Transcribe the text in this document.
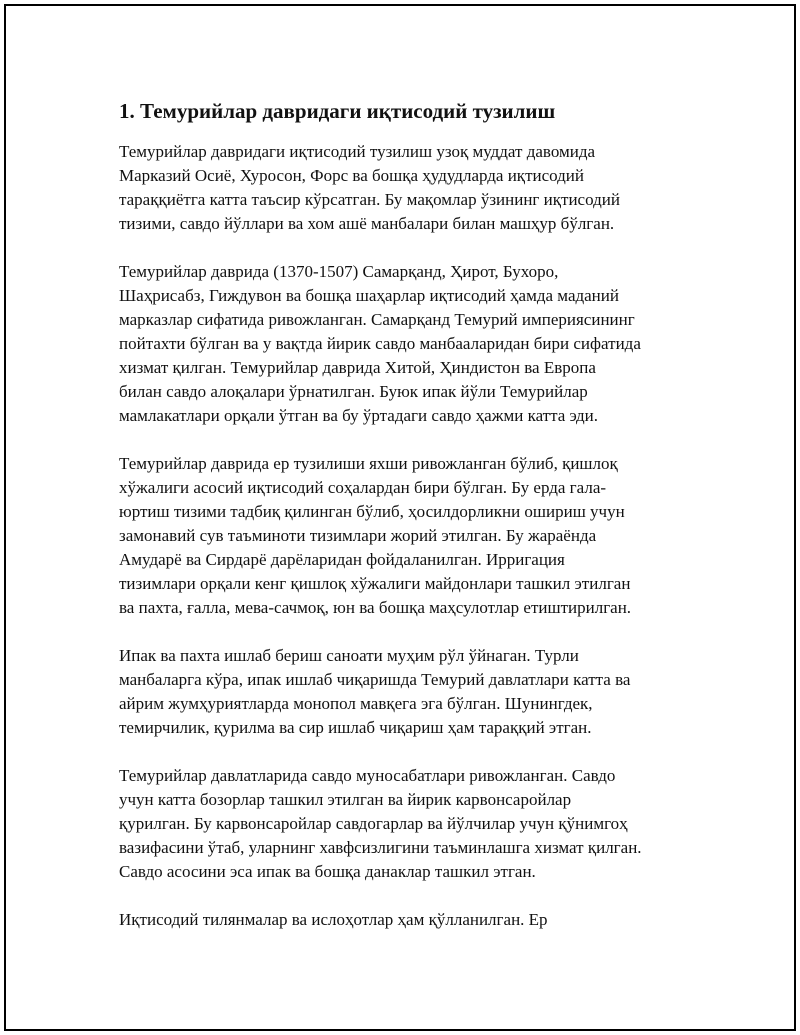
1. Темурийлар давридаги иқтисодий тузилиш

Темурийлар давридаги иқтисодий тузилиш узоқ муддат давомида
Марказий Осиё, Хуросон, Форс ва бошқа ҳудудларда иқтисодий
тараққиётга катта таъсир кўрсатган. Бу мақомлар ўзининг иқтисодий
тизими, савдо йўллари ва хом ашё манбалари билан машҳур бўлган.

Темурийлар даврида (1370-1507) Самарқанд, Ҳирот, Бухоро,
Шаҳрисабз, Гиждувон ва бошқа шаҳарлар иқтисодий ҳамда маданий
марказлар сифатида ривожланган. Самарқанд Темурий империясининг
пойтахти бўлган ва у вақтда йирик савдо манбааларидан бири сифатида
хизмат қилган. Темурийлар даврида Хитой, Ҳиндистон ва Европа
билан савдо алоқалари ўрнатилган. Буюк ипак йўли Темурийлар
мамлакатлари орқали ўтган ва бу ўртадаги савдо ҳажми катта эди.

Темурийлар даврида ер тузилиши яхши ривожланган бўлиб, қишлоқ
хўжалиги асосий иқтисодий соҳалардан бири бўлган. Бу ерда гала-
юртиш тизими тадбиқ қилинган бўлиб, ҳосилдорликни ошириш учун
замонавий сув таъминоти тизимлари жорий этилган. Бу жараёнда
Амударё ва Сирдарё дарёларидан фойдаланилган. Ирригация
тизимлари орқали кенг қишлоқ хўжалиги майдонлари ташкил этилган
ва пахта, ғалла, мева-сачмоқ, юн ва бошқа маҳсулотлар етиштирилган.

Ипак ва пахта ишлаб бериш саноати муҳим рўл ўйнаган. Турли
манбаларга кўра, ипак ишлаб чиқаришда Темурий давлатлари катта ва
айрим жумҳуриятларда монопол мавқега эга бўлган. Шунингдек,
темирчилик, қурилма ва сир ишлаб чиқариш ҳам тараққий этган.

Темурийлар давлатларида савдо муносабатлари ривожланган. Савдо
учун катта бозорлар ташкил этилган ва йирик карвонсаройлар
қурилган. Бу карвонсаройлар савдогарлар ва йўлчилар учун қўнимгоҳ
вазифасини ўтаб, уларнинг хавфсизлигини таъминлашга хизмат қилган.
Савдо асосини эса ипак ва бошқа данаклар ташкил этган.

Иқтисодий тилянмалар ва ислоҳотлар ҳам қўлланилган. Ер
